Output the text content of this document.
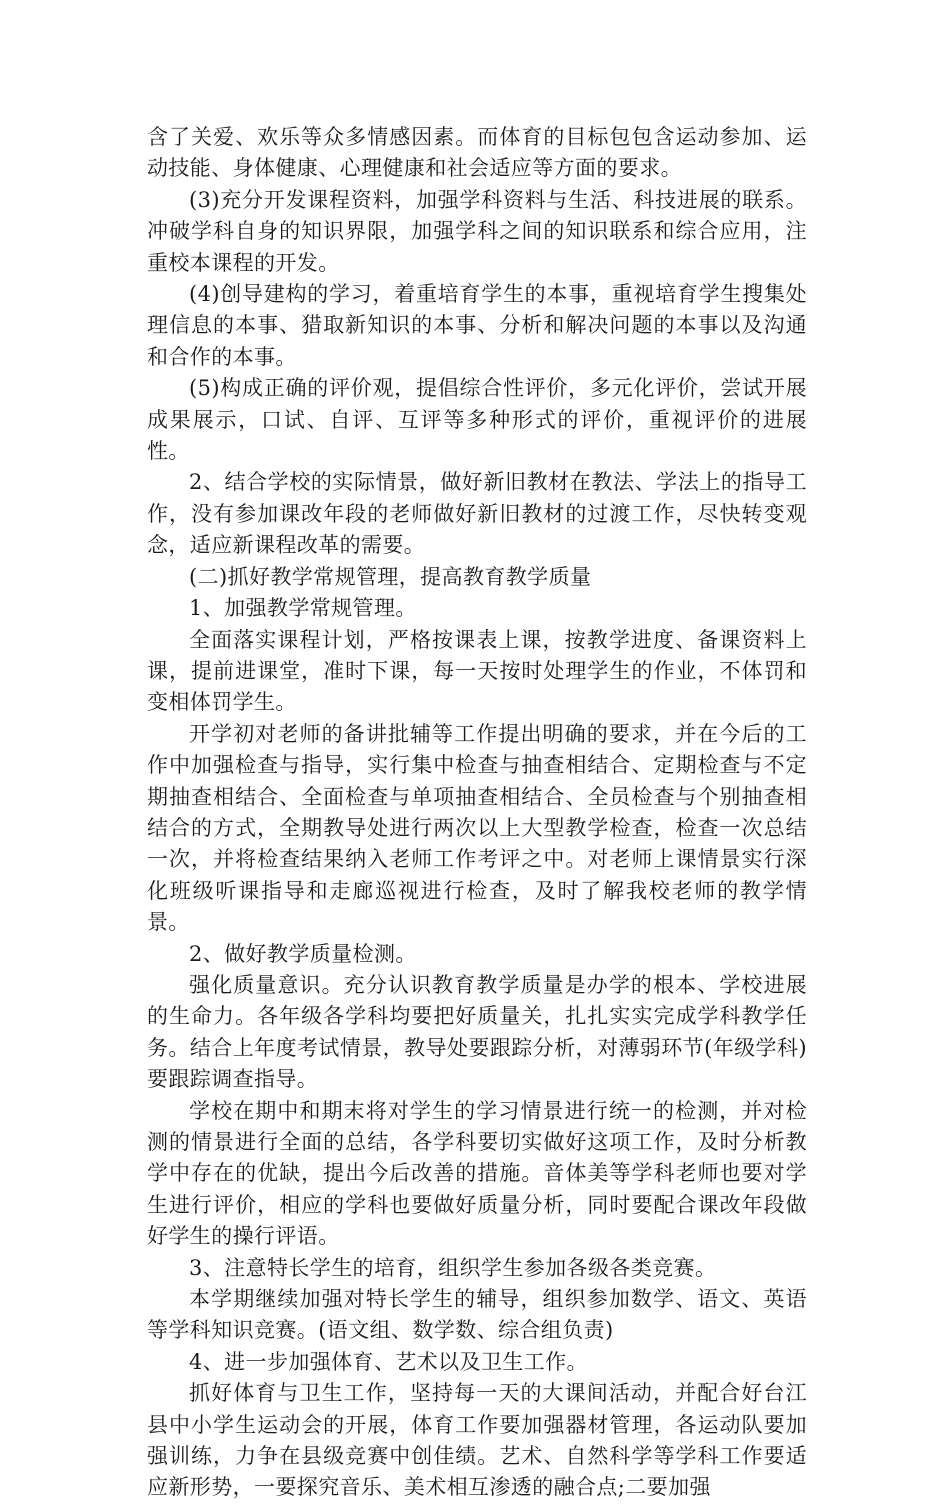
含了关爱、欢乐等众多情感因素。而体育的目标包包含运动参加、运动技能、身体健康、心理健康和社会适应等方面的要求。

(3)充分开发课程资料，加强学科资料与生活、科技进展的联系。冲破学科自身的知识界限，加强学科之间的知识联系和综合应用，注重校本课程的开发。

(4)创导建构的学习，着重培育学生的本事，重视培育学生搜集处理信息的本事、猎取新知识的本事、分析和解决问题的本事以及沟通和合作的本事。

(5)构成正确的评价观，提倡综合性评价，多元化评价，尝试开展成果展示，口试、自评、互评等多种形式的评价，重视评价的进展性。

2、结合学校的实际情景，做好新旧教材在教法、学法上的指导工作，没有参加课改年段的老师做好新旧教材的过渡工作，尽快转变观念，适应新课程改革的需要。

(二)抓好教学常规管理，提高教育教学质量

1、加强教学常规管理。

全面落实课程计划，严格按课表上课，按教学进度、备课资料上课，提前进课堂，准时下课，每一天按时处理学生的作业，不体罚和变相体罚学生。

开学初对老师的备讲批辅等工作提出明确的要求，并在今后的工作中加强检查与指导，实行集中检查与抽查相结合、定期检查与不定期抽查相结合、全面检查与单项抽查相结合、全员检查与个别抽查相结合的方式，全期教导处进行两次以上大型教学检查，检查一次总结一次，并将检查结果纳入老师工作考评之中。对老师上课情景实行深化班级听课指导和走廊巡视进行检查，及时了解我校老师的教学情景。

2、做好教学质量检测。

强化质量意识。充分认识教育教学质量是办学的根本、学校进展的生命力。各年级各学科均要把好质量关，扎扎实实完成学科教学任务。结合上年度考试情景，教导处要跟踪分析，对薄弱环节(年级学科)要跟踪调查指导。

学校在期中和期末将对学生的学习情景进行统一的检测，并对检测的情景进行全面的总结，各学科要切实做好这项工作，及时分析教学中存在的优缺，提出今后改善的措施。音体美等学科老师也要对学生进行评价，相应的学科也要做好质量分析，同时要配合课改年段做好学生的操行评语。

3、注意特长学生的培育，组织学生参加各级各类竞赛。

本学期继续加强对特长学生的辅导，组织参加数学、语文、英语等学科知识竞赛。(语文组、数学数、综合组负责)

4、进一步加强体育、艺术以及卫生工作。

抓好体育与卫生工作，坚持每一天的大课间活动，并配合好台江县中小学生运动会的开展，体育工作要加强器材管理，各运动队要加强训练，力争在县级竞赛中创佳绩。艺术、自然科学等学科工作要适应新形势，一要探究音乐、美术相互渗透的融合点;二要加强
